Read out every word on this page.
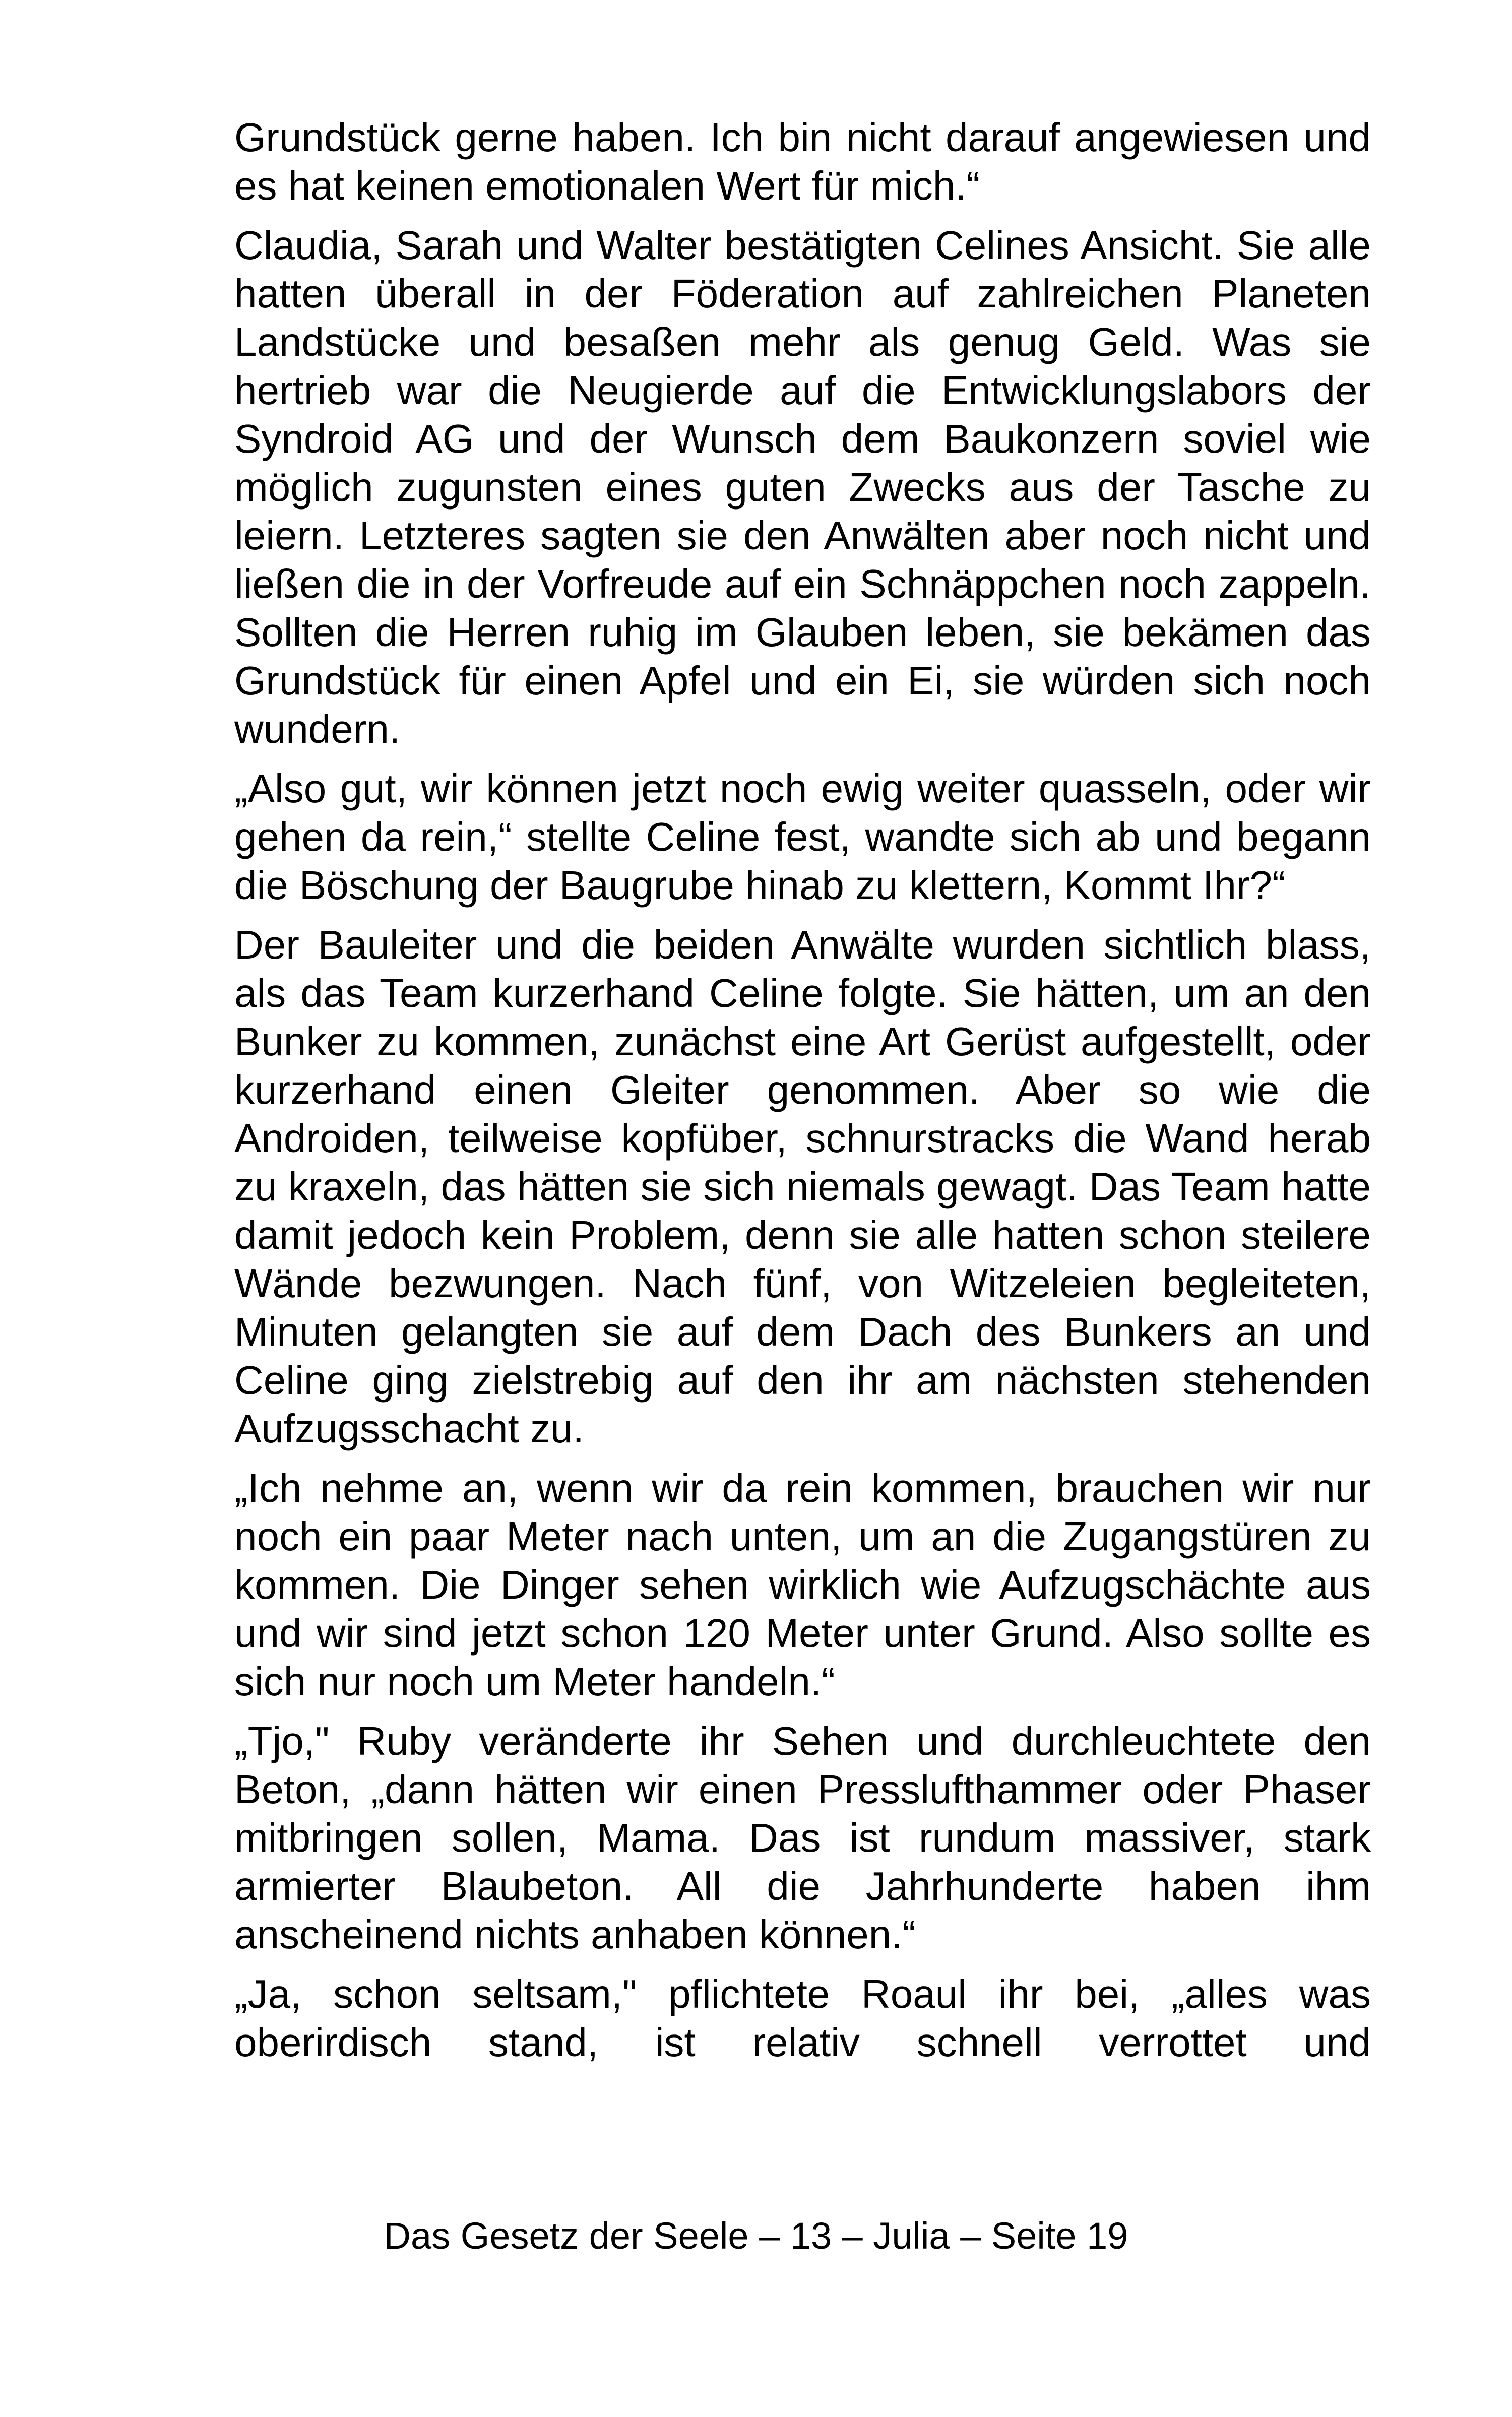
Grundstück gerne haben. Ich bin nicht darauf angewiesen und es hat keinen emotionalen Wert für mich.“

Claudia, Sarah und Walter bestätigten Celines Ansicht. Sie alle hatten überall in der Föderation auf zahlreichen Planeten Landstücke und besaßen mehr als genug Geld. Was sie hertrieb war die Neugierde auf die Entwicklungslabors der Syndroid AG und der Wunsch dem Baukonzern soviel wie möglich zugunsten eines guten Zwecks aus der Tasche zu leiern. Letzteres sagten sie den Anwälten aber noch nicht und ließen die in der Vorfreude auf ein Schnäppchen noch zappeln. Sollten die Herren ruhig im Glauben leben, sie bekämen das Grundstück für einen Apfel und ein Ei, sie würden sich noch wundern.

„Also gut, wir können jetzt noch ewig weiter quasseln, oder wir gehen da rein,“ stellte Celine fest, wandte sich ab und begann die Böschung der Baugrube hinab zu klettern, Kommt Ihr?“

Der Bauleiter und die beiden Anwälte wurden sichtlich blass, als das Team kurzerhand Celine folgte. Sie hätten, um an den Bunker zu kommen, zunächst eine Art Gerüst aufgestellt, oder kurzerhand einen Gleiter genommen. Aber so wie die Androiden, teilweise kopfüber, schnurstracks die Wand herab zu kraxeln, das hätten sie sich niemals gewagt. Das Team hatte damit jedoch kein Problem, denn sie alle hatten schon steilere Wände bezwungen. Nach fünf, von Witzeleien begleiteten, Minuten gelangten sie auf dem Dach des Bunkers an und Celine ging zielstrebig auf den ihr am nächsten stehenden Aufzugsschacht zu.

„Ich nehme an, wenn wir da rein kommen, brauchen wir nur noch ein paar Meter nach unten, um an die Zugangstüren zu kommen. Die Dinger sehen wirklich wie Aufzugschächte aus und wir sind jetzt schon 120 Meter unter Grund. Also sollte es sich nur noch um Meter handeln.“

„Tjo," Ruby veränderte ihr Sehen und durchleuchtete den Beton, „dann hätten wir einen Presslufthammer oder Phaser mitbringen sollen, Mama. Das ist rundum massiver, stark armierter Blaubeton. All die Jahrhunderte haben ihm anscheinend nichts anhaben können.“

„Ja, schon seltsam," pflichtete Roaul ihr bei, „alles was oberirdisch stand, ist relativ schnell verrottet und

Das Gesetz der Seele – 13 – Julia – Seite 19
